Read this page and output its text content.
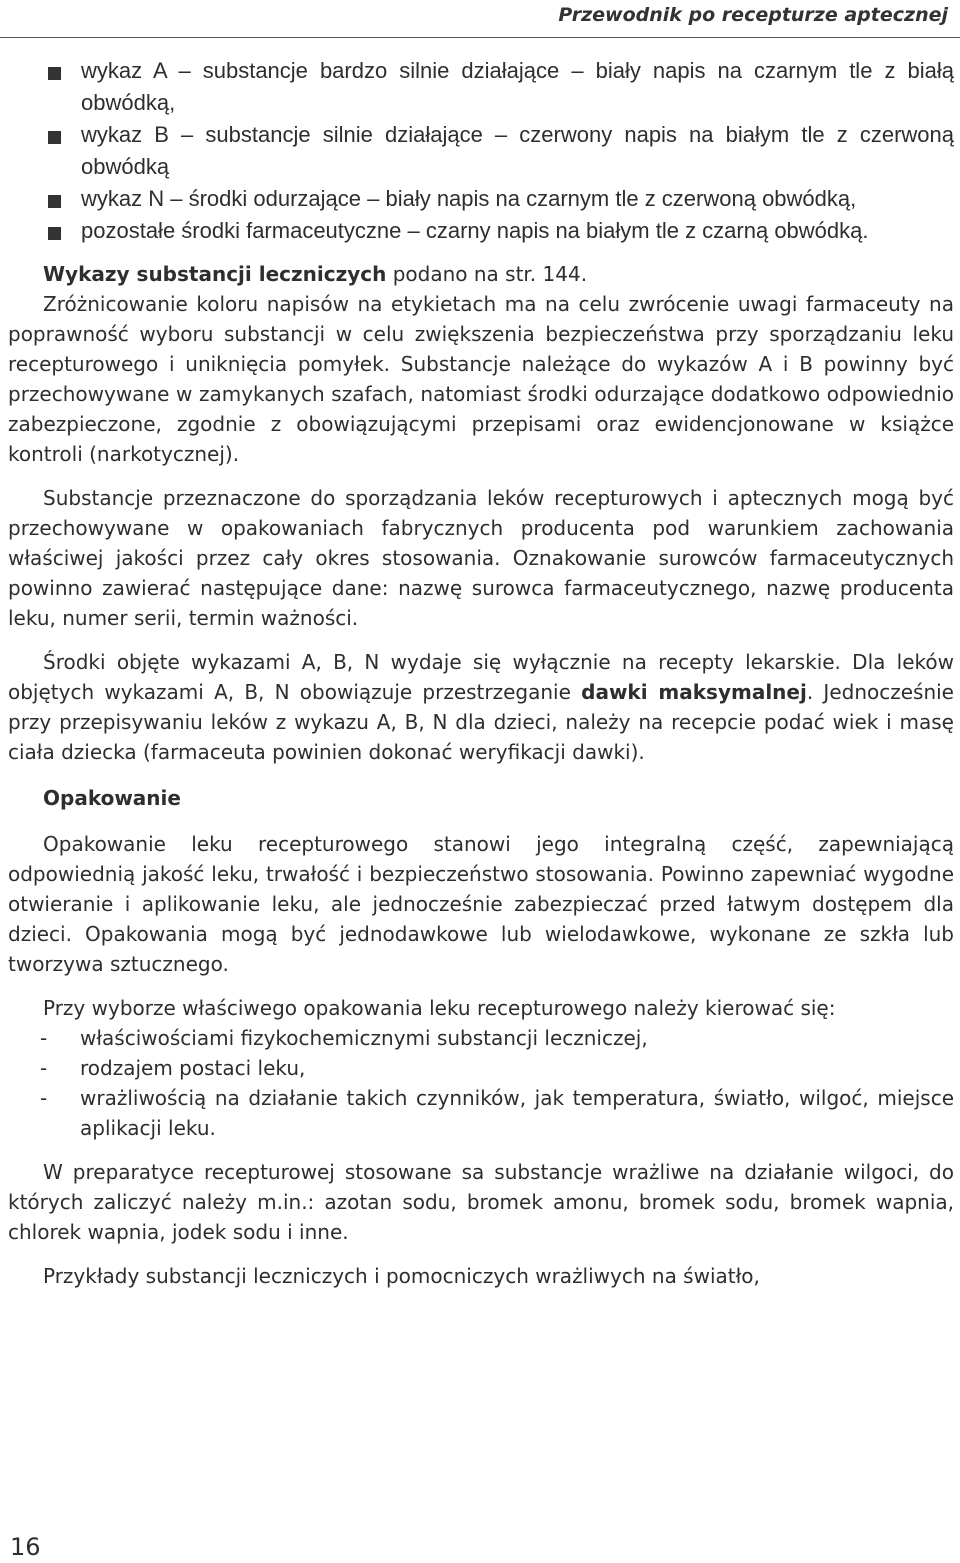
Przewodnik po recepturze aptecznej
wykaz A – substancje bardzo silnie działające – biały napis na czarnym tle z białą obwódką,
wykaz B – substancje silnie działające – czerwony napis na białym tle z czerwoną obwódką
wykaz N – środki odurzające – biały napis na czarnym tle z czerwoną obwódką,
pozostałe środki farmaceutyczne – czarny napis na białym tle z czarną obwódką.

Wykazy substancji leczniczych podano na str. 144.

Zróżnicowanie koloru napisów na etykietach ma na celu zwrócenie uwagi farmaceuty na poprawność wyboru substancji w celu zwiększenia bezpieczeństwa przy sporządzaniu leku recepturowego i uniknięcia pomyłek. Substancje należące do wykazów A i B powinny być przechowywane w zamykanych szafach, natomiast środki odurzające dodatkowo odpowiednio zabezpieczone, zgodnie z obowiązującymi przepisami oraz ewidencjonowane w książce kontroli (narkotycznej).

Substancje przeznaczone do sporządzania leków recepturowych i aptecznych mogą być przechowywane w opakowaniach fabrycznych producenta pod warunkiem zachowania właściwej jakości przez cały okres stosowania. Oznakowanie surowców farmaceutycznych powinno zawierać następujące dane: nazwę surowca farmaceutycznego, nazwę producenta leku, numer serii, termin ważności.

Środki objęte wykazami A, B, N wydaje się wyłącznie na recepty lekarskie. Dla leków objętych wykazami A, B, N obowiązuje przestrzeganie dawki maksymalnej. Jednocześnie przy przepisywaniu leków z wykazu A, B, N dla dzieci, należy na recepcie podać wiek i masę ciała dziecka (farmaceuta powinien dokonać weryfikacji dawki).

Opakowanie

Opakowanie leku recepturowego stanowi jego integralną część, zapewniającą odpowiednią jakość leku, trwałość i bezpieczeństwo stosowania. Powinno zapewniać wygodne otwieranie i aplikowanie leku, ale jednocześnie zabezpieczać przed łatwym dostępem dla dzieci. Opakowania mogą być jednodawkowe lub wielodawkowe, wykonane ze szkła lub tworzywa sztucznego.

Przy wyborze właściwego opakowania leku recepturowego należy kierować się:

- właściwościami fizykochemicznymi substancji leczniczej,
- rodzajem postaci leku,
- wrażliwością na działanie takich czynników, jak temperatura, światło, wilgoć, miejsce aplikacji leku.

W preparatyce recepturowej stosowane sa substancje wrażliwe na działanie wilgoci, do których zaliczyć należy m.in.: azotan sodu, bromek amonu, bromek sodu, bromek wapnia, chlorek wapnia, jodek sodu i inne.

Przykłady substancji leczniczych i pomocniczych wrażliwych na światło,

16
